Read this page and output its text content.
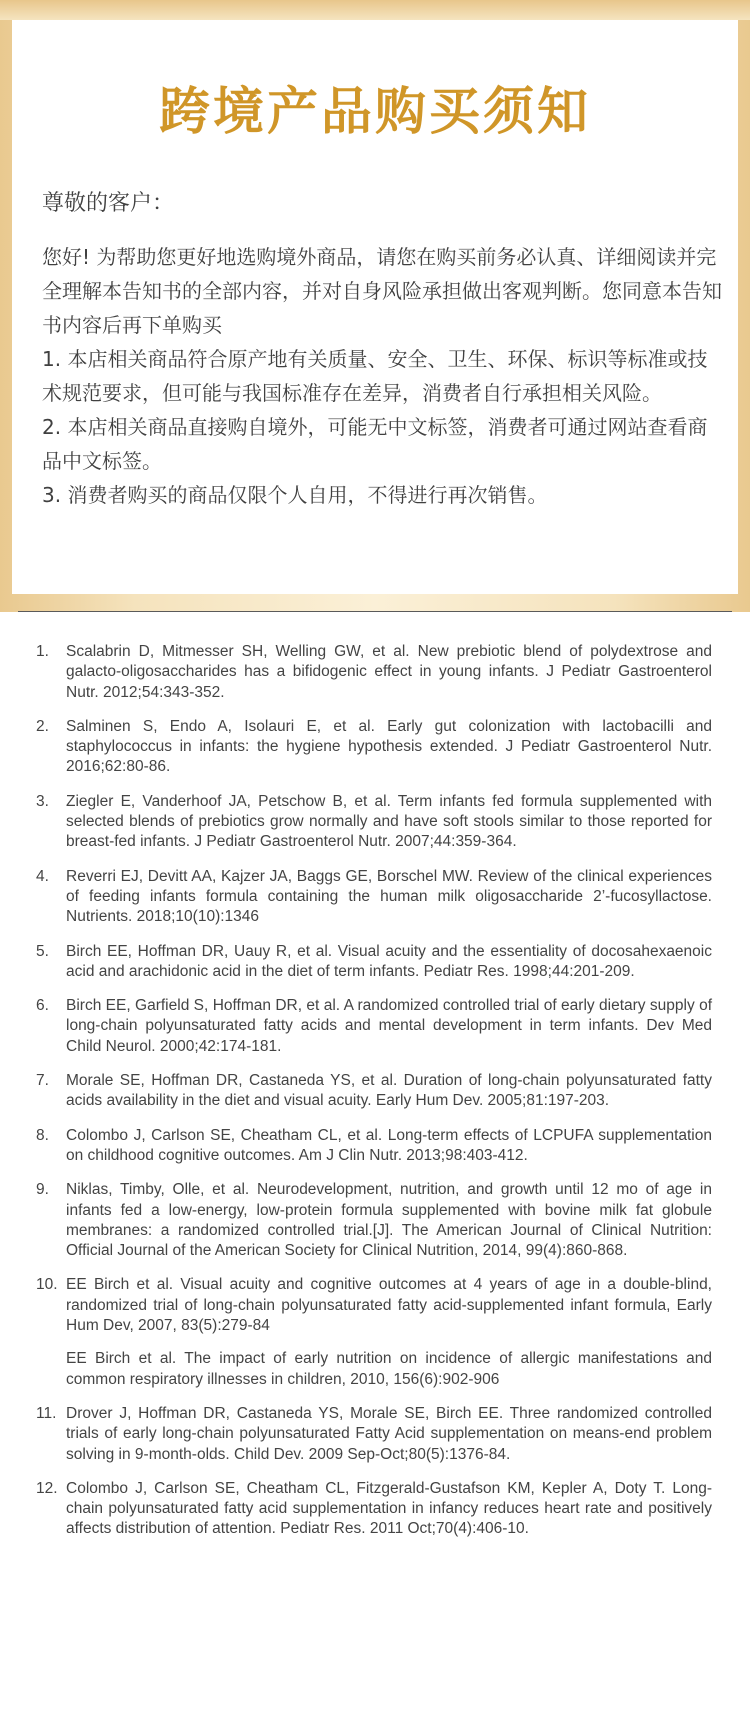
跨境产品购买须知

尊敬的客户：

您好! 为帮助您更好地选购境外商品，请您在购买前务必认真、详细阅读并完全理解本告知书的全部内容，并对自身风险承担做出客观判断。您同意本告知书内容后再下单购买

1. 本店相关商品符合原产地有关质量、安全、卫生、环保、标识等标准或技术规范要求，但可能与我国标准存在差异，消费者自行承担相关风险。

2. 本店相关商品直接购自境外，可能无中文标签，消费者可通过网站查看商品中文标签。

3. 消费者购买的商品仅限个人自用，不得进行再次销售。

1.	Scalabrin D, Mitmesser SH, Welling GW, et al. New prebiotic blend of polydextrose and galacto-oligosaccharides has a bifidogenic effect in young infants. J Pediatr Gastroenterol Nutr. 2012;54:343-352.
2.	Salminen S, Endo A, Isolauri E, et al. Early gut colonization with lactobacilli and staphylococcus in infants: the hygiene hypothesis extended. J Pediatr Gastroenterol Nutr. 2016;62:80-86.
3.	Ziegler E, Vanderhoof JA, Petschow B, et al. Term infants fed formula supplemented with selected blends of prebiotics grow normally and have soft stools similar to those reported for breast-fed infants. J Pediatr Gastroenterol Nutr. 2007;44:359-364.
4.	Reverri EJ, Devitt AA, Kajzer JA, Baggs GE, Borschel MW. Review of the clinical experiences of feeding infants formula containing the human milk oligosaccharide 2’-fucosyllactose. Nutrients. 2018;10(10):1346
5.	Birch EE, Hoffman DR, Uauy R, et al. Visual acuity and the essentiality of docosahexaenoic acid and arachidonic acid in the diet of term infants. Pediatr Res. 1998;44:201-209.
6.	Birch EE, Garfield S, Hoffman DR, et al. A randomized controlled trial of early dietary supply of long-chain polyunsaturated fatty acids and mental development in term infants. Dev Med Child Neurol. 2000;42:174-181.
7.	Morale SE, Hoffman DR, Castaneda YS, et al. Duration of long-chain polyunsaturated fatty acids availability in the diet and visual acuity. Early Hum Dev. 2005;81:197-203.
8.	Colombo J, Carlson SE, Cheatham CL, et al. Long-term effects of LCPUFA supplementation on childhood cognitive outcomes. Am J Clin Nutr. 2013;98:403-412.
9.	Niklas, Timby, Olle, et al. Neurodevelopment, nutrition, and growth until 12 mo of age in infants fed a low-energy, low-protein formula supplemented with bovine milk fat globule membranes: a randomized controlled trial.[J]. The American Journal of Clinical Nutrition: Official Journal of the American Society for Clinical Nutrition, 2014, 99(4):860-868.
10. EE Birch et al. Visual acuity and cognitive outcomes at 4 years of age in a double-blind, randomized trial of long-chain polyunsaturated fatty acid-supplemented infant formula, Early Hum Dev, 2007, 83(5):279-84
EE Birch et al. The impact of early nutrition on incidence of allergic manifestations and common respiratory illnesses in children, 2010, 156(6):902-906
11. Drover J, Hoffman DR, Castaneda YS, Morale SE, Birch EE. Three randomized controlled trials of early long-chain polyunsaturated Fatty Acid supplementation on means-end problem solving in 9-month-olds. Child Dev. 2009 Sep-Oct;80(5):1376-84.
12. Colombo J, Carlson SE, Cheatham CL, Fitzgerald-Gustafson KM, Kepler A, Doty T. Long-chain polyunsaturated fatty acid supplementation in infancy reduces heart rate and positively affects distribution of attention. Pediatr Res. 2011 Oct;70(4):406-10.
